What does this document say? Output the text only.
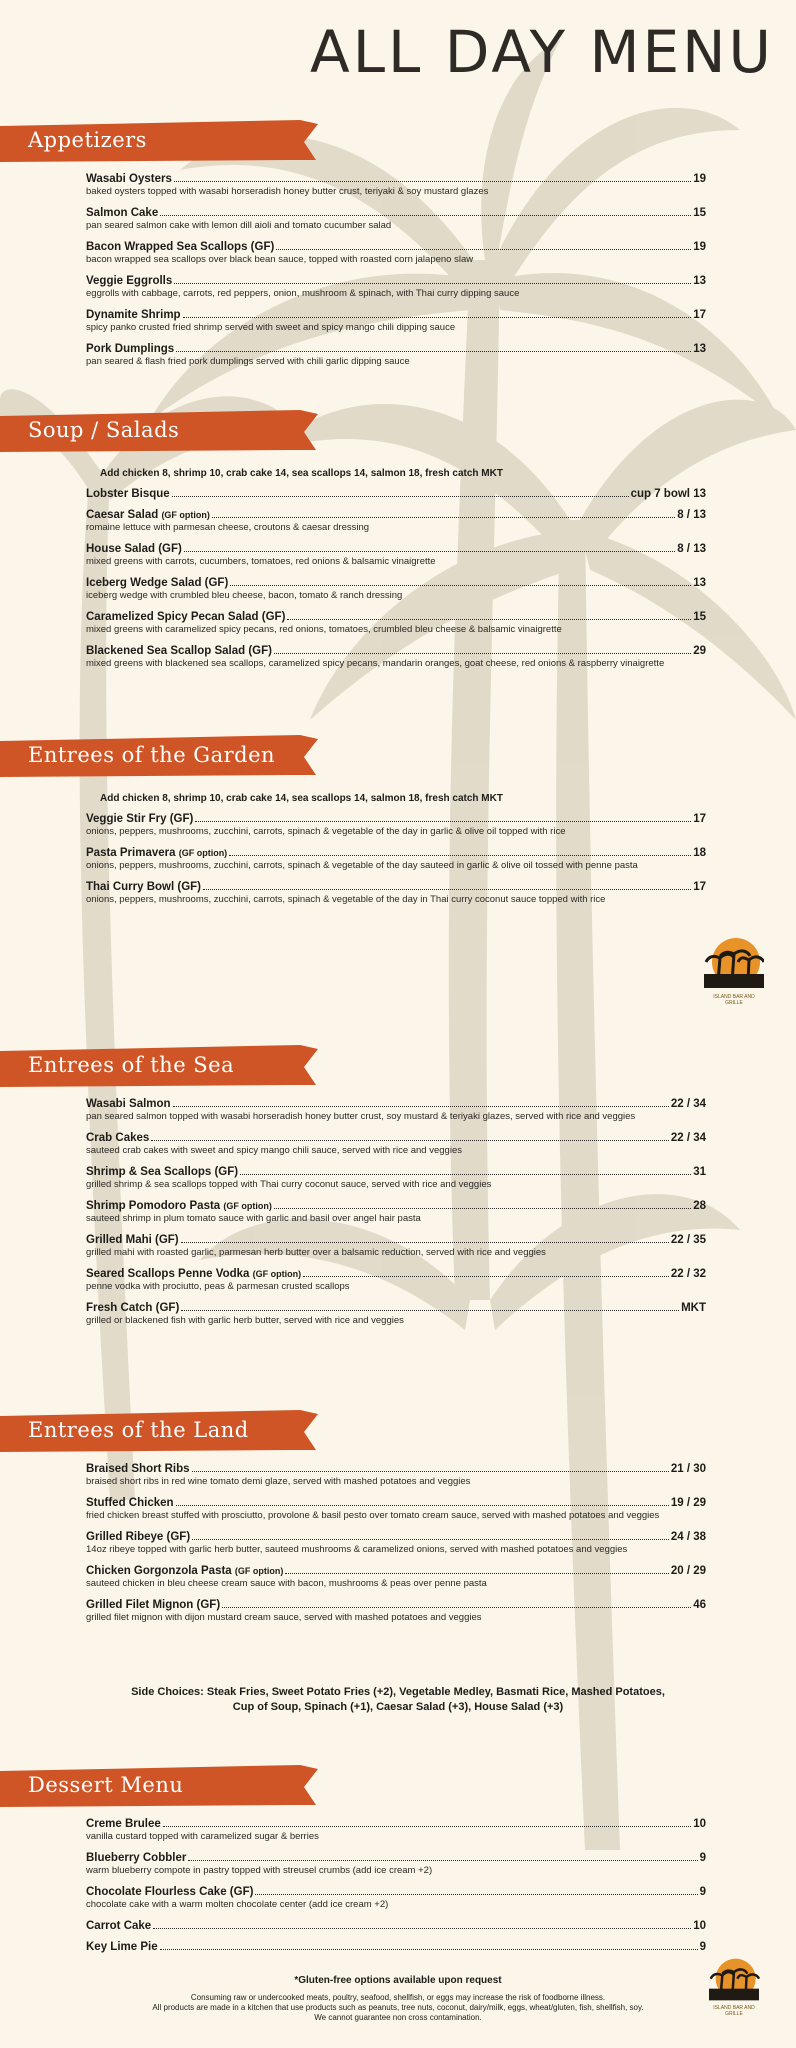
ALL DAY MENU
Appetizers
Wasabi Oysters	19
baked oysters topped with wasabi horseradish honey butter crust, teriyaki & soy mustard glazes
Salmon Cake	15
pan seared salmon cake with lemon dill aioli and tomato cucumber salad
Bacon Wrapped Sea Scallops (GF)	19
bacon wrapped sea scallops over black bean sauce, topped with roasted corn jalapeno slaw
Veggie Eggrolls	13
eggrolls with cabbage, carrots, red peppers, onion, mushroom & spinach, with Thai curry dipping sauce
Dynamite Shrimp	17
spicy panko crusted fried shrimp served with sweet and spicy mango chili dipping sauce
Pork Dumplings	13
pan seared & flash fried pork dumplings served with chili garlic dipping sauce
Soup / Salads
Add chicken 8, shrimp 10, crab cake 14, sea scallops 14, salmon 18, fresh catch MKT
Lobster Bisque	cup 7 bowl 13
Caesar Salad (GF option)	8 / 13
romaine lettuce with parmesan cheese, croutons & caesar dressing
House Salad (GF)	8 / 13
mixed greens with carrots, cucumbers, tomatoes, red onions & balsamic vinaigrette
Iceberg Wedge Salad (GF)	13
iceberg wedge with crumbled bleu cheese, bacon, tomato & ranch dressing
Caramelized Spicy Pecan Salad (GF)	15
mixed greens with caramelized spicy pecans, red onions, tomatoes, crumbled bleu cheese & balsamic vinaigrette
Blackened Sea Scallop Salad (GF)	29
mixed greens with blackened sea scallops, caramelized spicy pecans, mandarin oranges, goat cheese, red onions & raspberry vinaigrette
Entrees of the Garden
Add chicken 8, shrimp 10, crab cake 14, sea scallops 14, salmon 18, fresh catch MKT
Veggie Stir Fry (GF)	17
onions, peppers, mushrooms, zucchini, carrots, spinach & vegetable of the day in garlic & olive oil topped with rice
Pasta Primavera (GF option)	18
onions, peppers, mushrooms, zucchini, carrots, spinach & vegetable of the day sauteed in garlic & olive oil tossed with penne pasta
Thai Curry Bowl (GF)	17
onions, peppers, mushrooms, zucchini, carrots, spinach & vegetable of the day in Thai curry coconut sauce topped with rice
Entrees of the Sea
Wasabi Salmon	22 / 34
pan seared salmon topped with wasabi horseradish honey butter crust, soy mustard & teriyaki glazes, served with rice and veggies
Crab Cakes	22 / 34
sauteed crab cakes with sweet and spicy mango chili sauce, served with rice and veggies
Shrimp & Sea Scallops (GF)	31
grilled shrimp & sea scallops topped with Thai curry coconut sauce, served with rice and veggies
Shrimp Pomodoro Pasta (GF option)	28
sauteed shrimp in plum tomato sauce with garlic and basil over angel hair pasta
Grilled Mahi (GF)	22 / 35
grilled mahi with roasted garlic, parmesan herb butter over a balsamic reduction, served with rice and veggies
Seared Scallops Penne Vodka (GF option)	22 / 32
penne vodka with prociutto, peas & parmesan crusted scallops
Fresh Catch (GF)	MKT
grilled or blackened fish with garlic herb butter, served with rice and veggies
Entrees of the Land
Braised Short Ribs	21 / 30
braised short ribs in red wine tomato demi glaze, served with mashed potatoes and veggies
Stuffed Chicken	19 / 29
fried chicken breast stuffed with prosciutto, provolone & basil pesto over tomato cream sauce, served with mashed potatoes and veggies
Grilled Ribeye (GF)	24 / 38
14oz ribeye topped with garlic herb butter, sauteed mushrooms & caramelized onions, served with mashed potatoes and veggies
Chicken Gorgonzola Pasta (GF option)	20 / 29
sauteed chicken in bleu cheese cream sauce with bacon, mushrooms & peas over penne pasta
Grilled Filet Mignon (GF)	46
grilled filet mignon with dijon mustard cream sauce, served with mashed potatoes and veggies
Dessert Menu
Creme Brulee	10
vanilla custard topped with caramelized sugar & berries
Blueberry Cobbler	9
warm blueberry compote in pastry topped with streusel crumbs (add ice cream +2)
Chocolate Flourless Cake (GF)	9
chocolate cake with a warm molten chocolate center (add ice cream +2)
Carrot Cake	10
Key Lime Pie	9
Side Choices: Steak Fries, Sweet Potato Fries (+2), Vegetable Medley, Basmati Rice, Mashed Potatoes,
Cup of Soup, Spinach (+1), Caesar Salad (+3), House Salad (+3)
ISLAND BAR AND GRILLE
ISLAND BAR AND GRILLE
*Gluten-free options available upon request
Consuming raw or undercooked meats, poultry, seafood, shellfish, or eggs may increase the risk of foodborne illness.
All products are made in a kitchen that use products such as peanuts, tree nuts, coconut, dairy/milk, eggs, wheat/gluten, fish, shellfish, soy.
We cannot guarantee non cross contamination.
